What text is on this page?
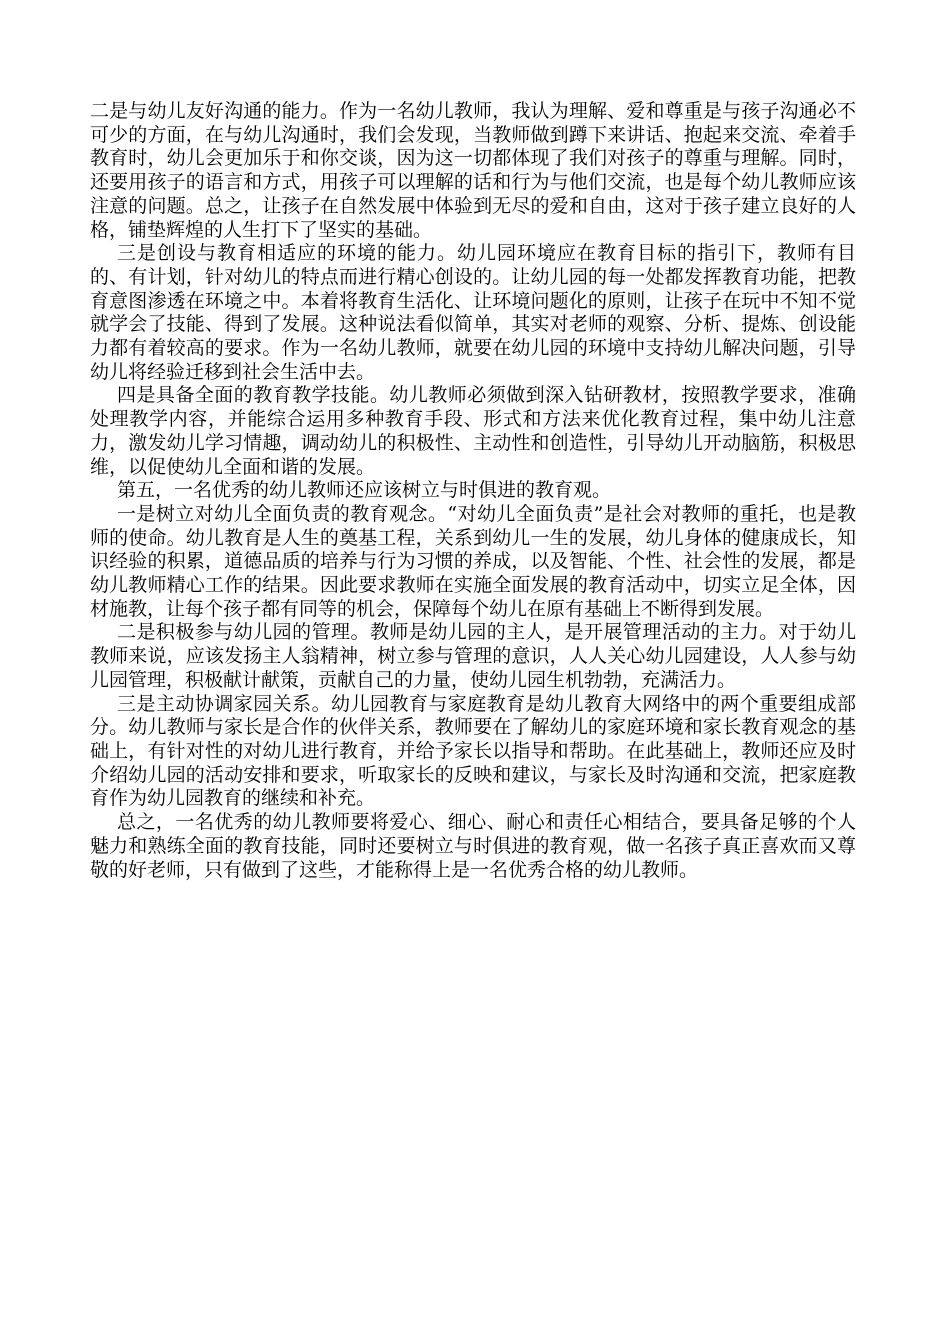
二是与幼儿友好沟通的能力。作为一名幼儿教师，我认为理解、爱和尊重是与孩子沟通必不可少的方面，在与幼儿沟通时，我们会发现，当教师做到蹲下来讲话、抱起来交流、牵着手教育时，幼儿会更加乐于和你交谈，因为这一切都体现了我们对孩子的尊重与理解。同时，还要用孩子的语言和方式，用孩子可以理解的话和行为与他们交流，也是每个幼儿教师应该注意的问题。总之，让孩子在自然发展中体验到无尽的爱和自由，这对于孩子建立良好的人格，铺垫辉煌的人生打下了坚实的基础。

三是创设与教育相适应的环境的能力。幼儿园环境应在教育目标的指引下，教师有目的、有计划，针对幼儿的特点而进行精心创设的。让幼儿园的每一处都发挥教育功能，把教育意图渗透在环境之中。本着将教育生活化、让环境问题化的原则，让孩子在玩中不知不觉就学会了技能、得到了发展。这种说法看似简单，其实对老师的观察、分析、提炼、创设能力都有着较高的要求。作为一名幼儿教师，就要在幼儿园的环境中支持幼儿解决问题，引导幼儿将经验迁移到社会生活中去。

四是具备全面的教育教学技能。幼儿教师必须做到深入钻研教材，按照教学要求，准确处理教学内容，并能综合运用多种教育手段、形式和方法来优化教育过程，集中幼儿注意力，激发幼儿学习情趣，调动幼儿的积极性、主动性和创造性，引导幼儿开动脑筋，积极思维，以促使幼儿全面和谐的发展。

第五，一名优秀的幼儿教师还应该树立与时俱进的教育观。

一是树立对幼儿全面负责的教育观念。“对幼儿全面负责”是社会对教师的重托，也是教师的使命。幼儿教育是人生的奠基工程，关系到幼儿一生的发展，幼儿身体的健康成长，知识经验的积累，道德品质的培养与行为习惯的养成，以及智能、个性、社会性的发展，都是幼儿教师精心工作的结果。因此要求教师在实施全面发展的教育活动中，切实立足全体，因材施教，让每个孩子都有同等的机会，保障每个幼儿在原有基础上不断得到发展。

二是积极参与幼儿园的管理。教师是幼儿园的主人，是开展管理活动的主力。对于幼儿教师来说，应该发扬主人翁精神，树立参与管理的意识，人人关心幼儿园建设，人人参与幼儿园管理，积极献计献策，贡献自己的力量，使幼儿园生机勃勃，充满活力。

三是主动协调家园关系。幼儿园教育与家庭教育是幼儿教育大网络中的两个重要组成部分。幼儿教师与家长是合作的伙伴关系，教师要在了解幼儿的家庭环境和家长教育观念的基础上，有针对性的对幼儿进行教育，并给予家长以指导和帮助。在此基础上，教师还应及时介绍幼儿园的活动安排和要求，听取家长的反映和建议，与家长及时沟通和交流，把家庭教育作为幼儿园教育的继续和补充。

总之，一名优秀的幼儿教师要将爱心、细心、耐心和责任心相结合，要具备足够的个人魅力和熟练全面的教育技能，同时还要树立与时俱进的教育观，做一名孩子真正喜欢而又尊敬的好老师，只有做到了这些，才能称得上是一名优秀合格的幼儿教师。
